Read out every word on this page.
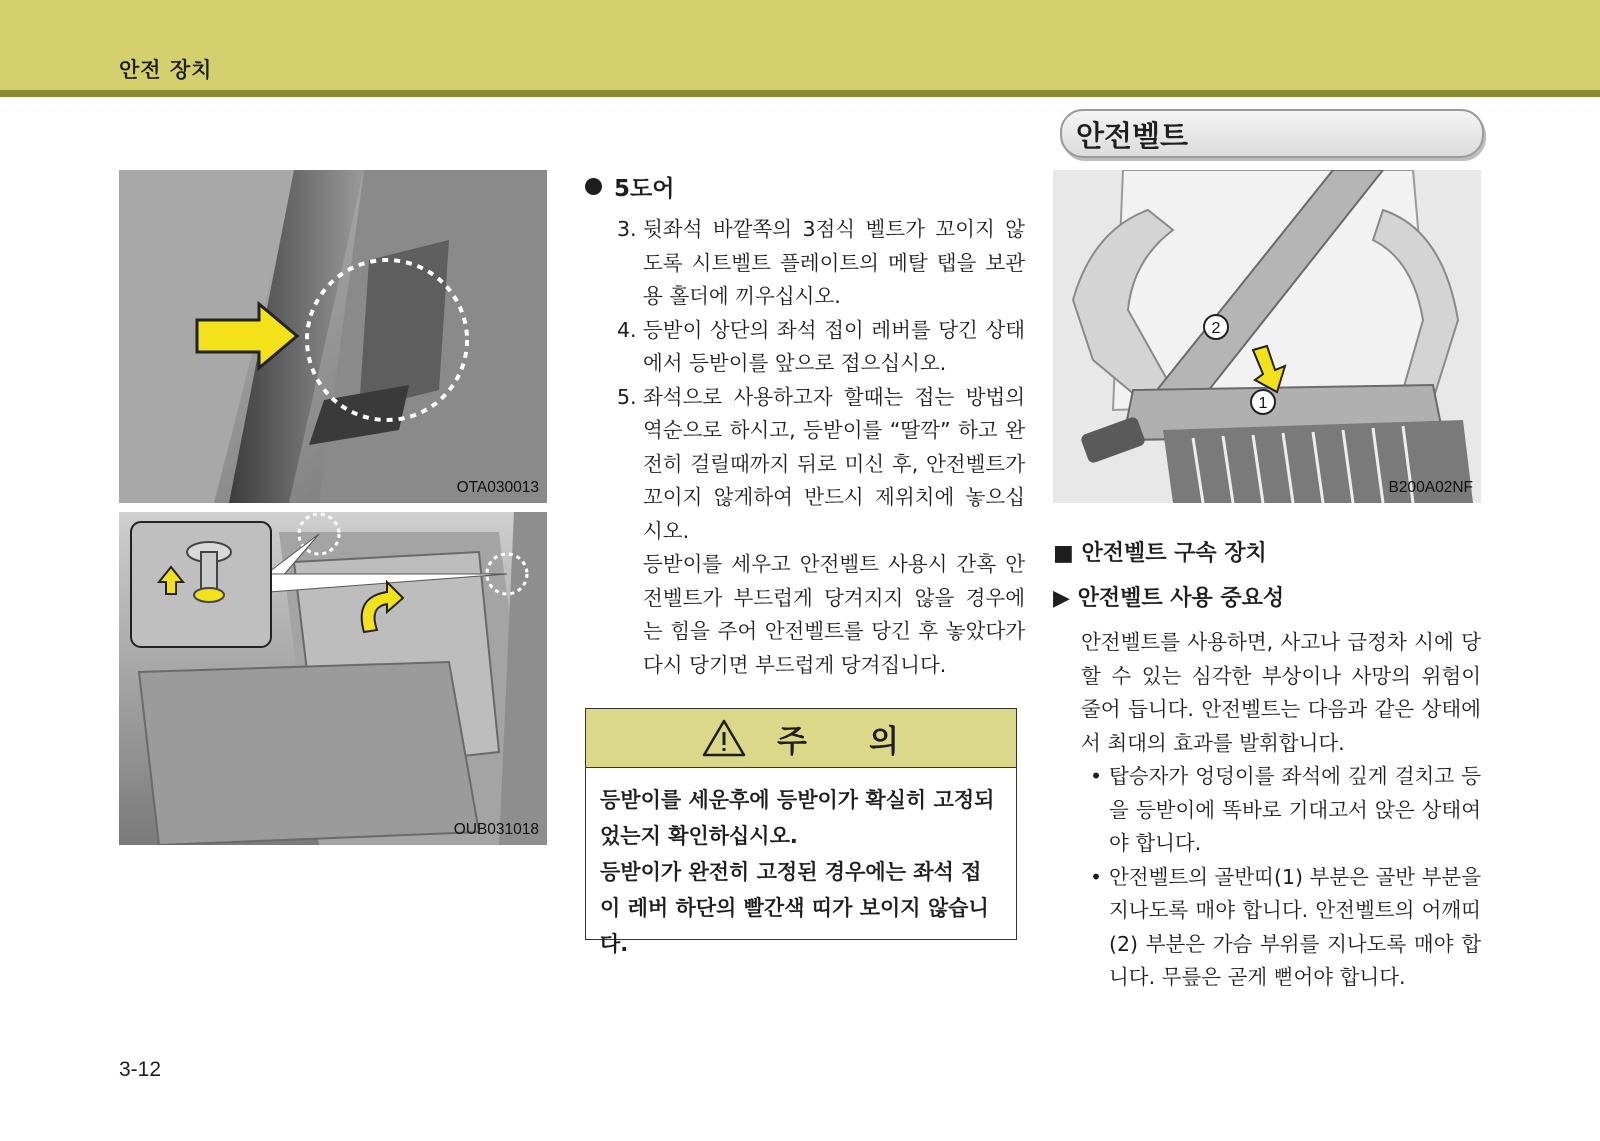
안전 장치
OTA030013
OUB031018
5도어
3. 뒷좌석 바깥쪽의 3점식 벨트가 꼬이지 않도록 시트벨트 플레이트의 메탈 탭을 보관용 홀더에 끼우십시오.

4. 등받이 상단의 좌석 접이 레버를 당긴 상태에서 등받이를 앞으로 접으십시오.

5. 좌석으로 사용하고자 할때는 접는 방법의 역순으로 하시고, 등받이를 “딸깍” 하고 완전히 걸릴때까지 뒤로 미신 후, 안전벨트가 꼬이지 않게하여 반드시 제위치에 놓으십시오.

등받이를 세우고 안전벨트 사용시 간혹 안전벨트가 부드럽게 당겨지지 않을 경우에는 힘을 주어 안전벨트를 당긴 후 놓았다가 다시 당기면 부드럽게 당겨집니다.

주 의
등받이를 세운후에 등받이가 확실히 고정되었는지 확인하십시오.
등받이가 완전히 고정된 경우에는 좌석 접이 레버 하단의 빨간색 띠가 보이지 않습니다.
안전벨트
1
2
B200A02NF

■ 안전벨트 구속 장치

▶ 안전벨트 사용 중요성

안전벨트를 사용하면, 사고나 급정차 시에 당할 수 있는 심각한 부상이나 사망의 위험이 줄어 듭니다. 안전벨트는 다음과 같은 상태에서 최대의 효과를 발휘합니다.

• 탑승자가 엉덩이를 좌석에 깊게 걸치고 등을 등받이에 똑바로 기대고서 앉은 상태여야 합니다.

• 안전벨트의 골반띠(1) 부분은 골반 부분을 지나도록 매야 합니다. 안전벨트의 어깨띠(2) 부분은 가슴 부위를 지나도록 매야 합니다. 무릎은 곧게 뻗어야 합니다.

3-12
